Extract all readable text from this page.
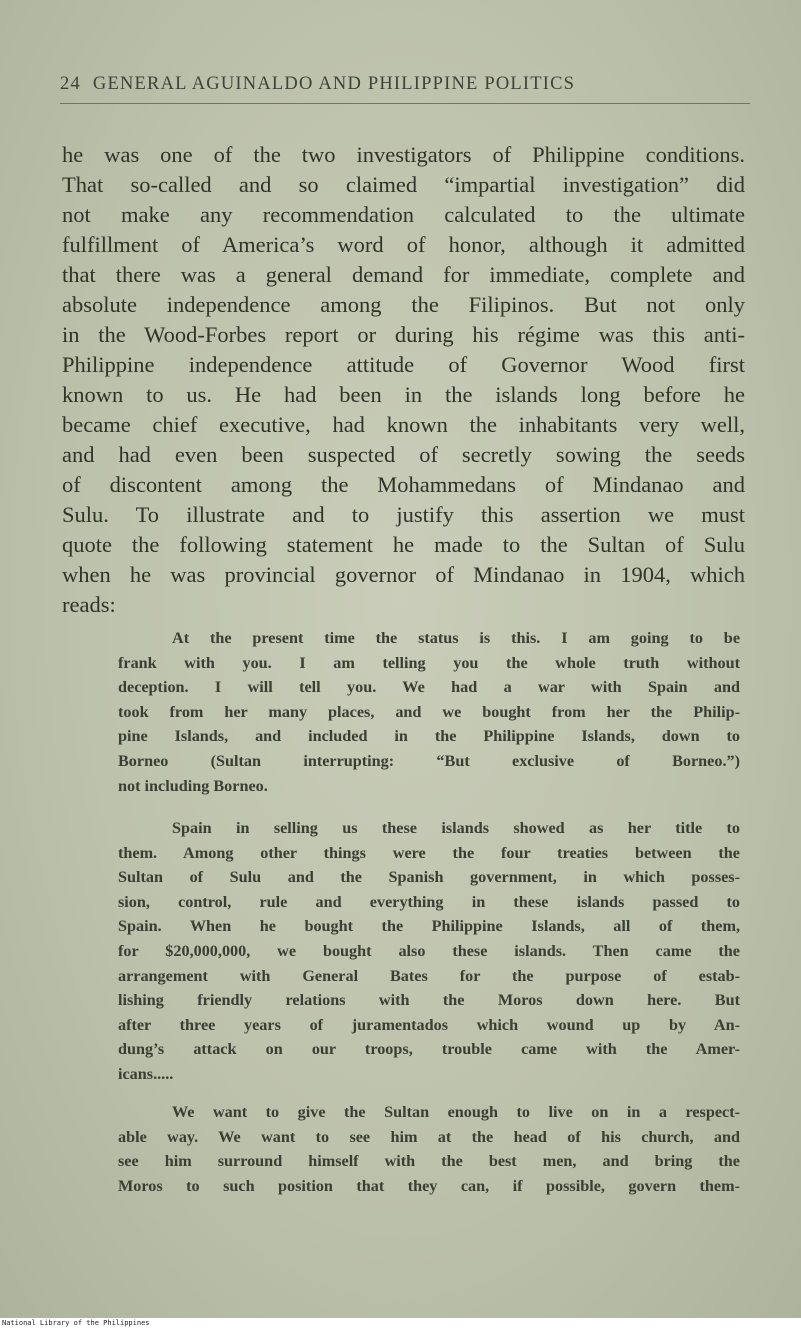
24 GENERAL AGUINALDO AND PHILIPPINE POLITICS
he was one of the two investigators of Philippine conditions.
That so-called and so claimed “impartial investigation” did
not make any recommendation calculated to the ultimate
fulfillment of America’s word of honor, although it admitted
that there was a general demand for immediate, complete and
absolute independence among the Filipinos. But not only
in the Wood-Forbes report or during his régime was this anti-
Philippine independence attitude of Governor Wood first
known to us. He had been in the islands long before he
became chief executive, had known the inhabitants very well,
and had even been suspected of secretly sowing the seeds
of discontent among the Mohammedans of Mindanao and
Sulu. To illustrate and to justify this assertion we must
quote the following statement he made to the Sultan of Sulu
when he was provincial governor of Mindanao in 1904, which
reads:
At the present time the status is this. I am going to be
frank with you. I am telling you the whole truth without
deception. I will tell you. We had a war with Spain and
took from her many places, and we bought from her the Philip-
pine Islands, and included in the Philippine Islands, down to
Borneo (Sultan interrupting: “But exclusive of Borneo.”)
not including Borneo.
Spain in selling us these islands showed as her title to
them. Among other things were the four treaties between the
Sultan of Sulu and the Spanish government, in which posses-
sion, control, rule and everything in these islands passed to
Spain. When he bought the Philippine Islands, all of them,
for $20,000,000, we bought also these islands. Then came the
arrangement with General Bates for the purpose of estab-
lishing friendly relations with the Moros down here. But
after three years of juramentados which wound up by An-
dung’s attack on our troops, trouble came with the Amer-
icans.....
We want to give the Sultan enough to live on in a respect-
able way. We want to see him at the head of his church, and
see him surround himself with the best men, and bring the
Moros to such position that they can, if possible, govern them-
National Library of the Philippines
